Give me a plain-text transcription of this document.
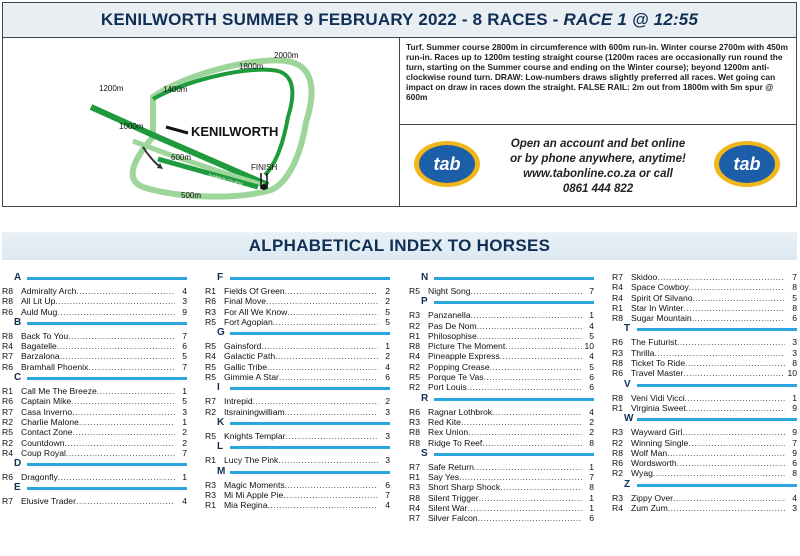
KENILWORTH SUMMER 9 FEBRUARY 2022 - 8 RACES - RACE 1 @ 12:55
KENILWORTH
2000m
1800m
1400m
1200m
1000m
600m
500m
FINISH
WINTER COURSE
SUMMER COURSE
Turf. Summer course 2800m in circumference with 600m run-in. Winter course 2700m with 450m run-in. Races up to 1200m testing straight course (1200m races are occasionally run round the turn, starting on the Summer course and ending on the Winter course); beyond 1200m anti-clockwise round turn. DRAW: Low-numbers draws slightly preferred all races. Wet going can impact on draw in races down the straight. FALSE RAIL: 2m out from 1800m with 5m spur @ 600m
tab
Open an account and bet online
or by phone anywhere, anytime!
www.tabonline.co.za or call
0861 444 822
tab
ALPHABETICAL INDEX TO HORSES
A
R8 Admiralty Arch .....	4
R8 All Lit Up .....	3
R6 Auld Mug .....	9
B
R8 Back To You .....	7
R4 Bagatelle .....	6
R7 Barzalona .....	5
R6 Bramhall Phoenix .....	7
C
R1 Call Me The Breeze .....	1
R6 Captain Mike .....	5
R7 Casa Inverno .....	3
R2 Charlie Malone .....	1
R5 Contact Zone .....	2
R2 Countdown .....	2
R4 Coup Royal .....	7
D
R6 Dragonfly .....	1
E
R7 Elusive Trader .....	4
F
R1 Fields Of Green .....	2
R6 Final Move .....	2
R3 For All We Know .....	5
R5 Fort Agopian .....	5
G
R5 Gainsford .....	1
R4 Galactic Path .....	2
R5 Gallic Tribe .....	4
R5 Gimmie A Star .....	6
I
R7 Intrepid .....	2
R2 Itsrainingwilliam .....	3
K
R5 Knights Templar .....	3
L
R1 Lucy The Pink .....	3
M
R3 Magic Moments .....	6
R3 Mi Mi Apple Pie .....	7
R1 Mia Regina .....	4
N
R5 Night Song .....	7
P
R3 Panzanella .....	1
R2 Pas De Nom .....	4
R1 Philosophise .....	5
R8 Picture The Moment .....	10
R4 Pineapple Express .....	4
R2 Popping Crease .....	5
R5 Porque Te Vas .....	6
R2 Port Louis .....	6
R
R6 Ragnar Lothbrok .....	4
R3 Red Kite .....	2
R8 Rex Union .....	2
R8 Ridge To Reef .....	8
S
R7 Safe Return .....	1
R1 Say Yes .....	7
R3 Short Sharp Shock .....	8
R8 Silent Trigger .....	1
R4 Silent War .....	1
R7 Silver Falcon .....	6
R7 Skidoo .....	7
R4 Space Cowboy .....	8
R4 Spirit Of Silvano .....	5
R1 Star In Winter .....	8
R8 Sugar Mountain .....	6
T
R6 The Futurist .....	3
R3 Thrilla .....	3
R8 Ticket To Ride .....	8
R6 Travel Master .....	10
V
R8 Veni Vidi Vicci .....	1
R1 Virginia Sweet .....	9
W
R3 Wayward Girl .....	9
R2 Winning Single .....	7
R8 Wolf Man .....	9
R6 Wordsworth .....	6
R2 Wyag .....	8
Z
R3 Zippy Over .....	4
R4 Zum Zum .....	3
